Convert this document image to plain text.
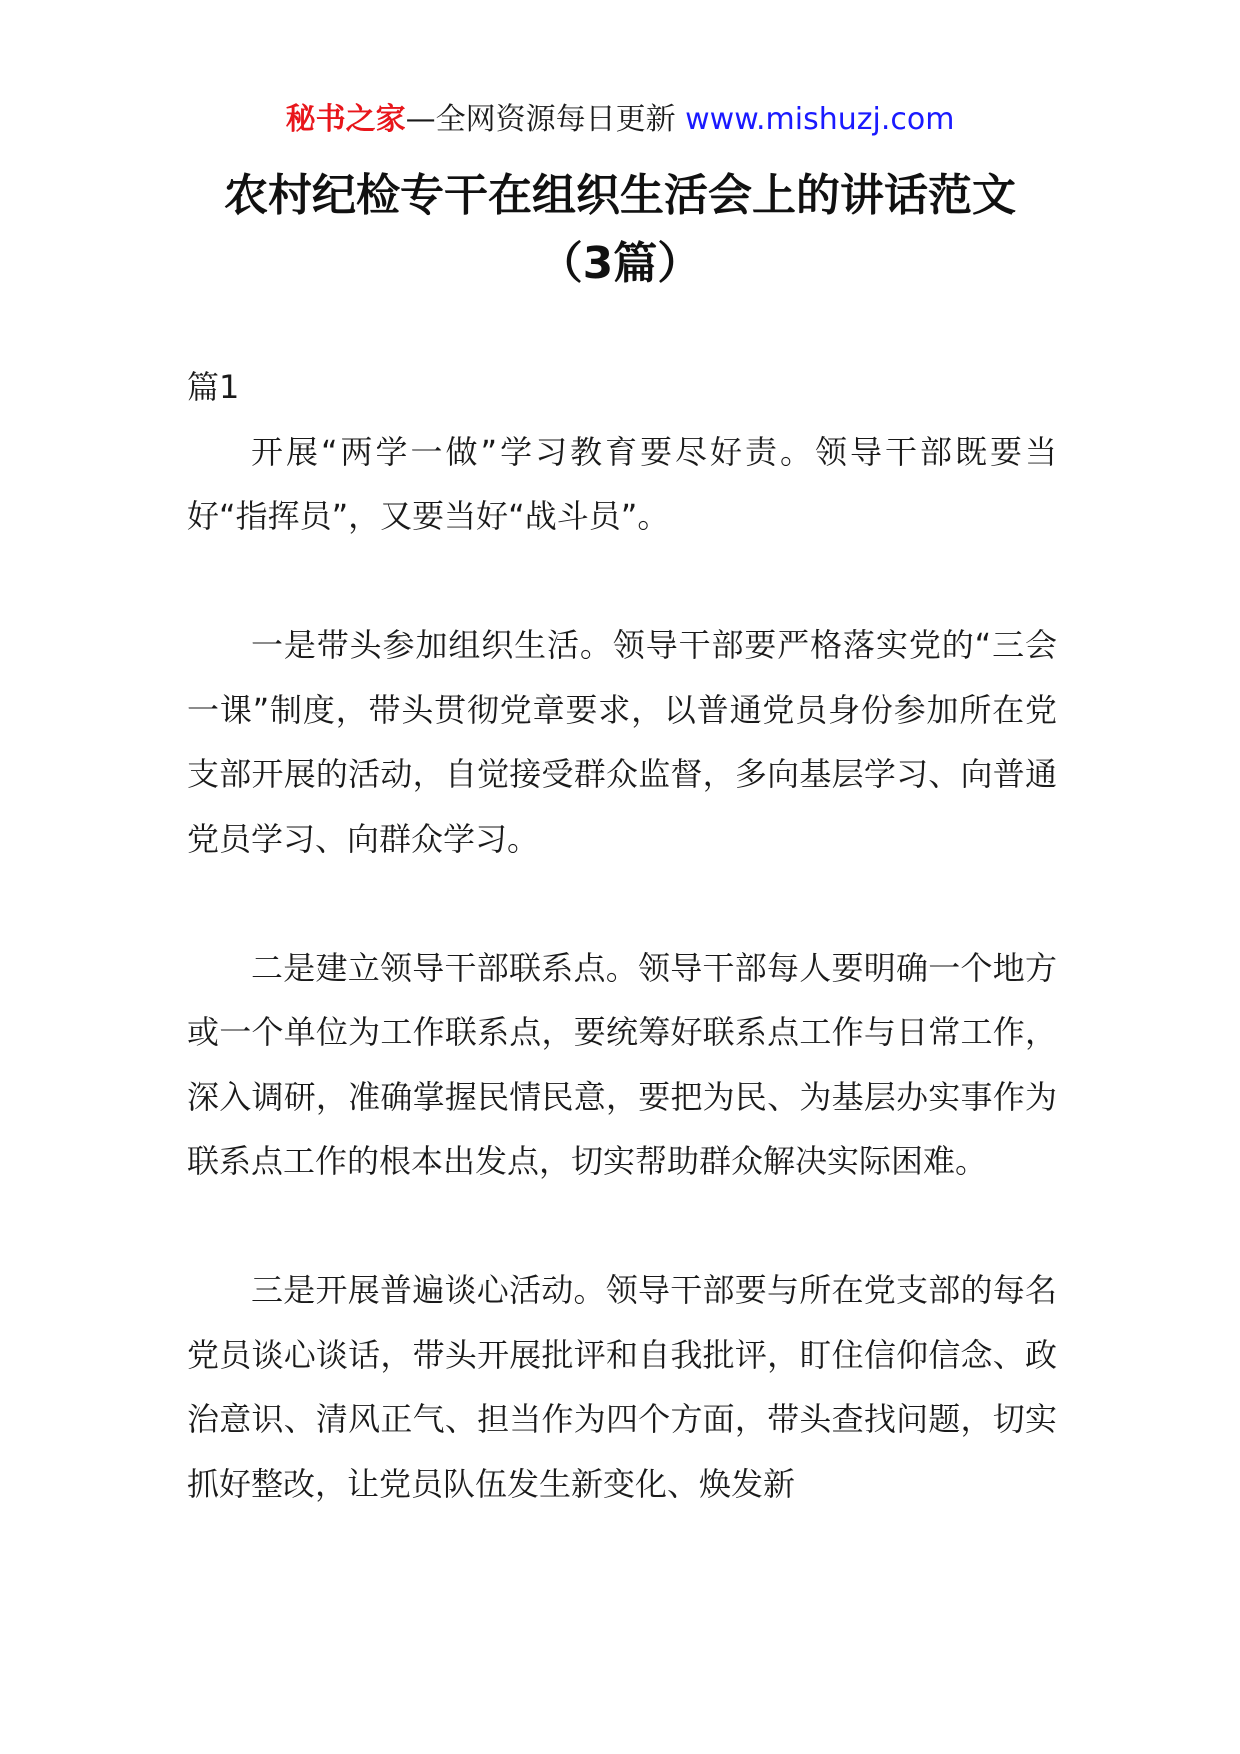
秘书之家—全网资源每日更新 www.mishuzj.com
农村纪检专干在组织生活会上的讲话范文
（3篇）

篇1

开展“两学一做”学习教育要尽好责。领导干部既要当好“指挥员”，又要当好“战斗员”。

一是带头参加组织生活。领导干部要严格落实党的“三会一课”制度，带头贯彻党章要求，以普通党员身份参加所在党支部开展的活动，自觉接受群众监督，多向基层学习、向普通党员学习、向群众学习。

二是建立领导干部联系点。领导干部每人要明确一个地方或一个单位为工作联系点，要统筹好联系点工作与日常工作，深入调研，准确掌握民情民意，要把为民、为基层办实事作为联系点工作的根本出发点，切实帮助群众解决实际困难。

三是开展普遍谈心活动。领导干部要与所在党支部的每名党员谈心谈话，带头开展批评和自我批评，盯住信仰信念、政治意识、清风正气、担当作为四个方面，带头查找问题，切实抓好整改，让党员队伍发生新变化、焕发新
